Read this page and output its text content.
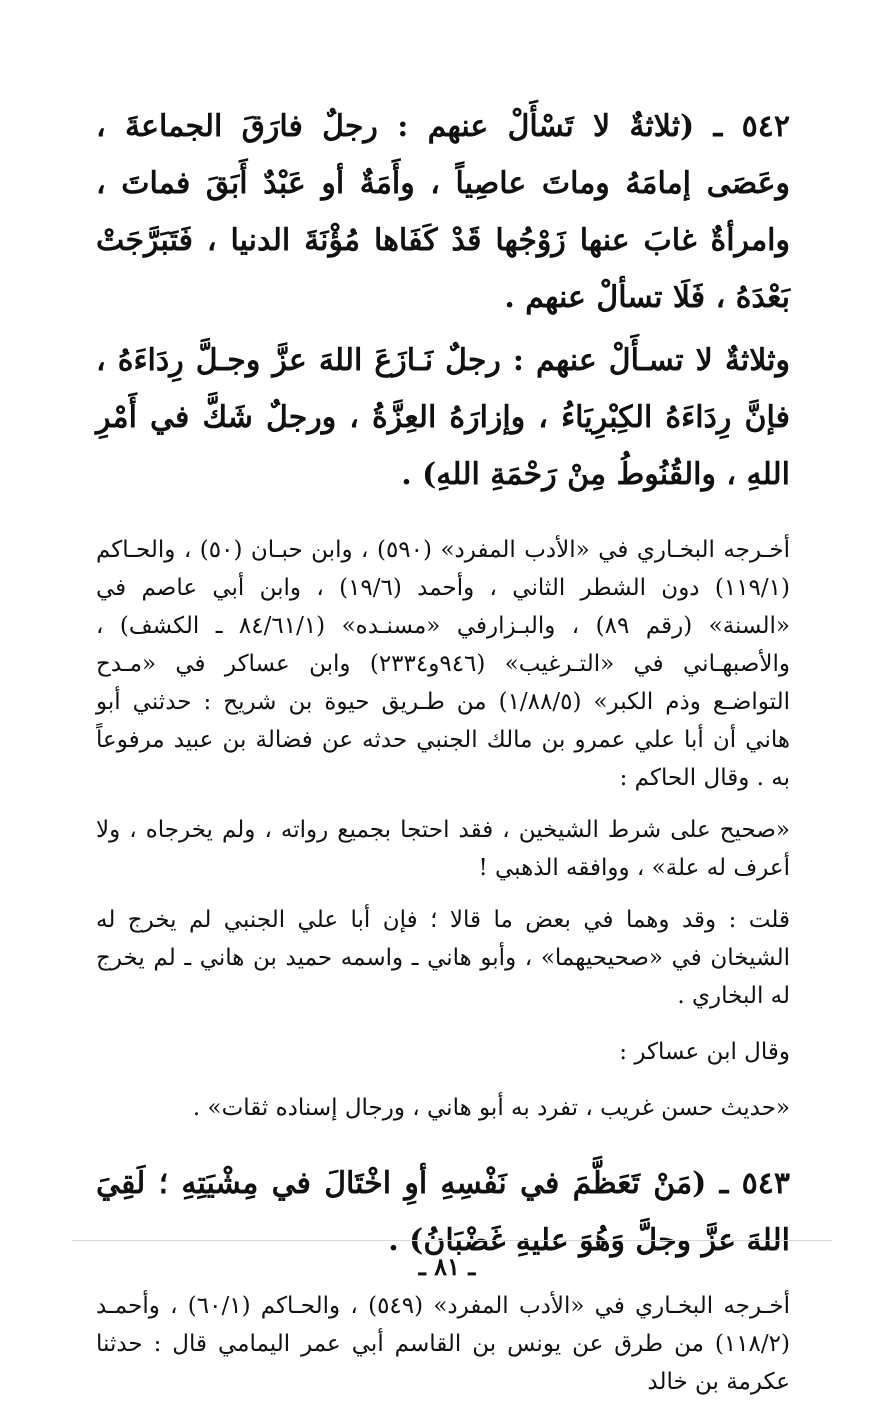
٥٤٢ ـ (ثلاثةٌ لا تَسْأَلْ عنهم : رجلٌ فارَقَ الجماعةَ ، وعَصَى إمامَهُ وماتَ عاصِياً ، وأَمَةٌ أو عَبْدٌ أَبَقَ فماتَ ، وامرأةٌ غابَ عنها زَوْجُها قَدْ كَفَاها مُؤْنَةَ الدنيا ، فَتَبَرَّجَتْ بَعْدَهُ ، فَلَا تسألْ عنهم .

وثلاثةٌ لا تسـأَلْ عنهم : رجلٌ نَـازَعَ اللهَ عزَّ وجـلَّ رِدَاءَهُ ، فإنَّ رِدَاءَهُ الكِبْرِيَاءُ ، وإزارَهُ العِزَّةُ ، ورجلٌ شَكَّ في أَمْرِ اللهِ ، والقُنُوطُ مِنْ رَحْمَةِ اللهِ) .

أخـرجه البخـاري في «الأدب المفرد» (٥٩٠) ، وابن حبـان (٥٠) ، والحـاكم (١١٩/١) دون الشطر الثاني ، وأحمد (١٩/٦) ، وابن أبي عاصم في «السنة» (رقم ٨٩) ، والبـزارفي «مسنـده» (٨٤/٦١/١ ـ الكشف) ، والأصبهـاني في «التـرغيب» (٩٤٦و٢٣٣٤) وابن عساكر في «مـدح التواضـع وذم الكبر» (١/٨٨/٥) من طـريق حيوة بن شريح : حدثني أبو هاني أن أبا علي عمرو بن مالك الجنبي حدثه عن فضالة بن عبيد مرفوعاً به . وقال الحاكم :

«صحيح على شرط الشيخين ، فقد احتجا بجميع رواته ، ولم يخرجاه ، ولا أعرف له علة» ، ووافقه الذهبي !

قلت : وقد وهما في بعض ما قالا ؛ فإن أبا علي الجنبي لم يخرج له الشيخان في «صحيحيهما» ، وأبو هاني ـ واسمه حميد بن هاني ـ لم يخرج له البخاري .

وقال ابن عساكر :

«حديث حسن غريب ، تفرد به أبو هاني ، ورجال إسناده ثقات» .

٥٤٣ ـ (مَنْ تَعَظَّمَ في نَفْسِهِ أوِ اخْتَالَ في مِشْيَتِهِ ؛ لَقِيَ اللهَ عزَّ وجلَّ وَهُوَ عليهِ غَضْبَانُ) .

أخـرجه البخـاري في «الأدب المفرد» (٥٤٩) ، والحـاكم (٦٠/١) ، وأحمـد (١١٨/٢) من طرق عن يونس بن القاسم أبي عمر اليمامي قال : حدثنا عكرمة بن خالد

ـ ٨١ ـ
